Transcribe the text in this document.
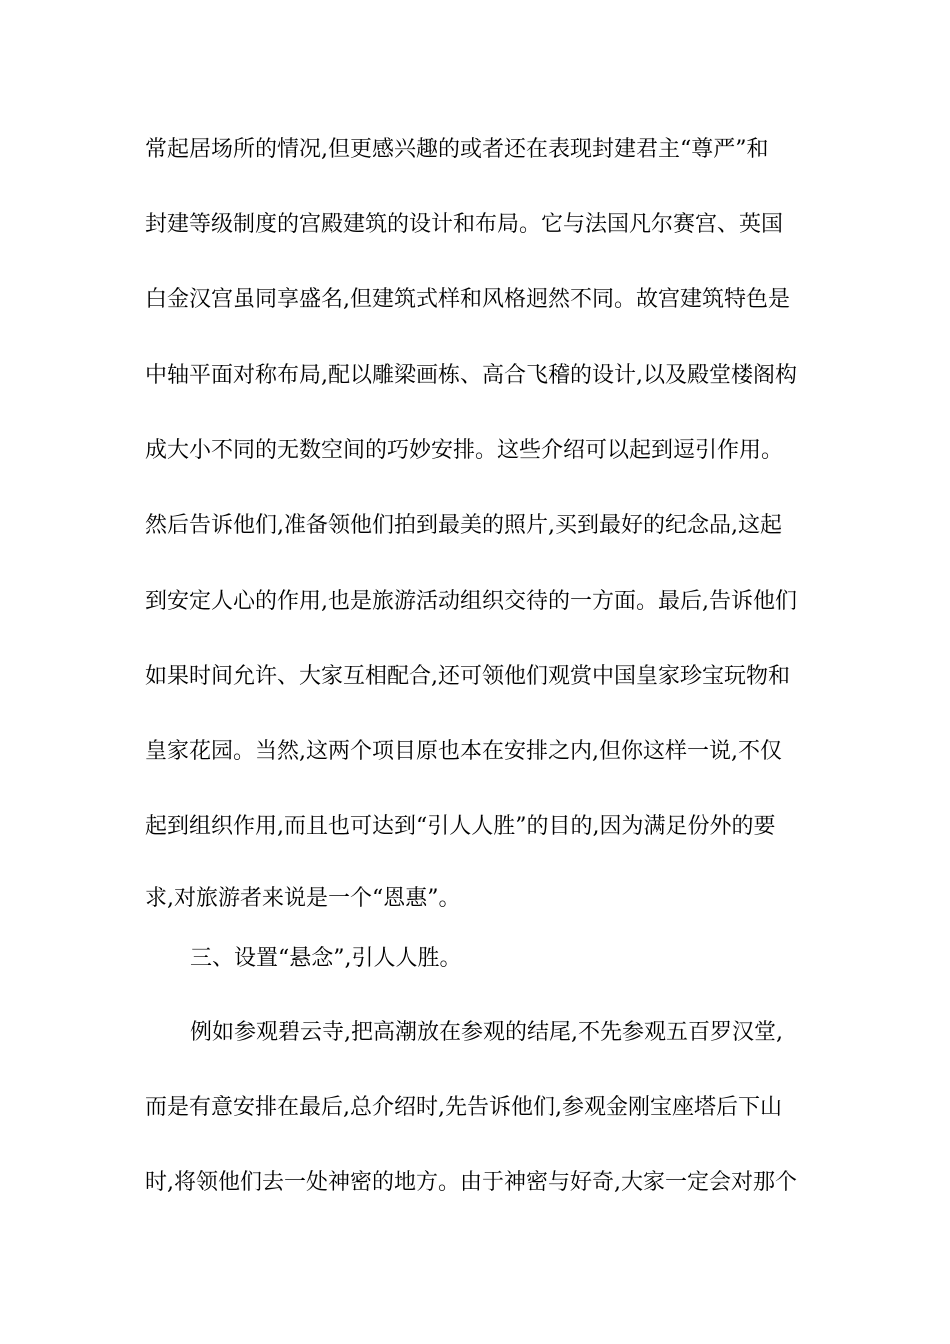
常起居场所的情况,但更感兴趣的或者还在表现封建君主“尊严”和
封建等级制度的宫殿建筑的设计和布局。它与法国凡尔赛宫、英国
白金汉宫虽同享盛名,但建筑式样和风格迥然不同。故宫建筑特色是
中轴平面对称布局,配以雕梁画栋、高合飞稽的设计,以及殿堂楼阁构
成大小不同的无数空间的巧妙安排。这些介绍可以起到逗引作用。
然后告诉他们,准备领他们拍到最美的照片,买到最好的纪念品,这起
到安定人心的作用,也是旅游活动组织交待的一方面。最后,告诉他们
如果时间允许、大家互相配合,还可领他们观赏中国皇家珍宝玩物和
皇家花园。当然,这两个项目原也本在安排之内,但你这样一说,不仅
起到组织作用,而且也可达到“引人人胜”的目的,因为满足份外的要
求,对旅游者来说是一个“恩惠”。
三、设置“悬念”,引人人胜。
例如参观碧云寺,把高潮放在参观的结尾,不先参观五百罗汉堂,
而是有意安排在最后,总介绍时,先告诉他们,参观金刚宝座塔后下山
时,将领他们去一处神密的地方。由于神密与好奇,大家一定会对那个
